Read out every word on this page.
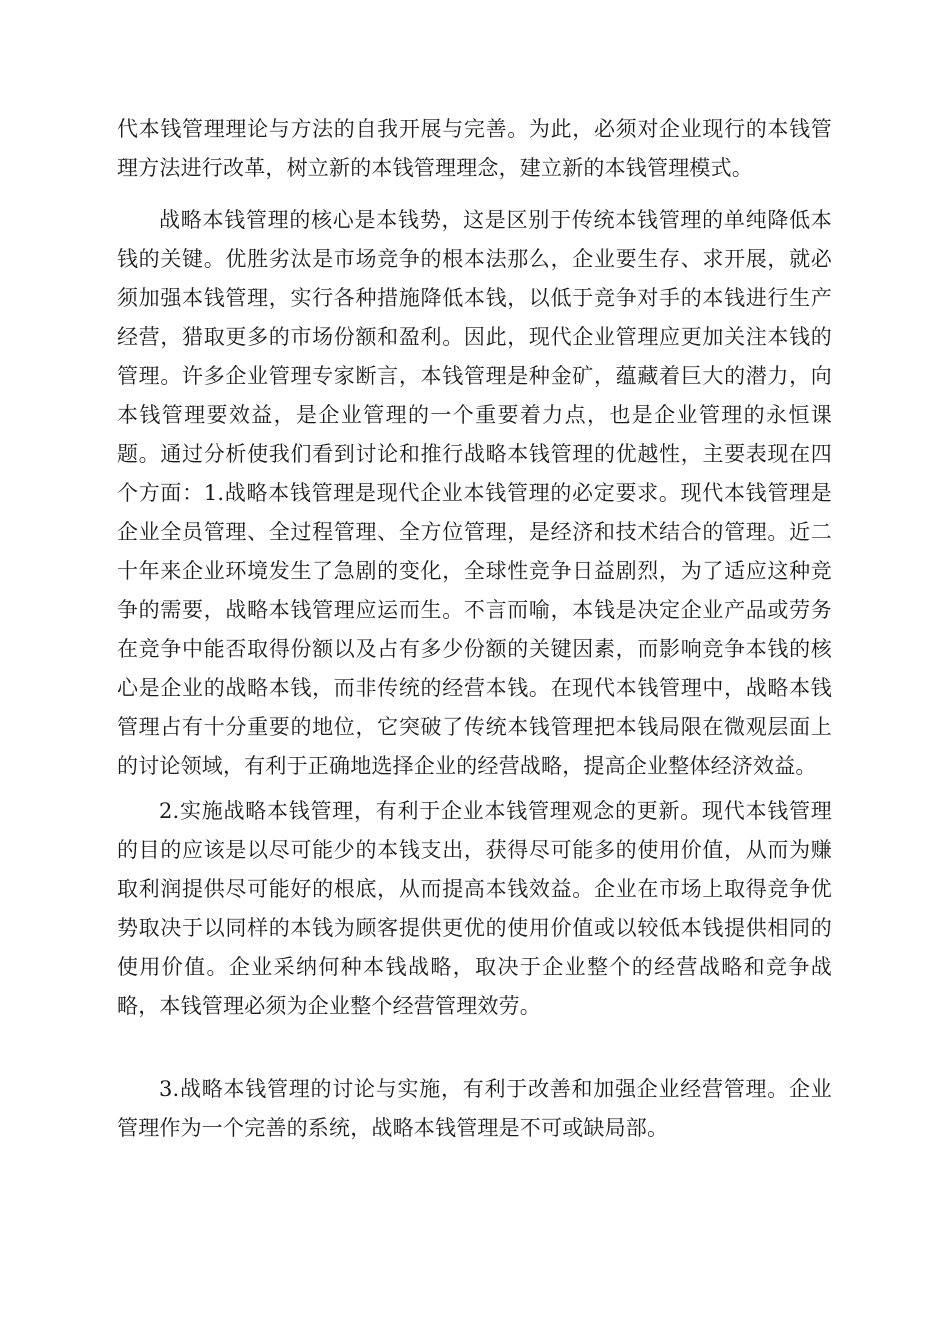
代本钱管理理论与方法的自我开展与完善。为此，必须对企业现行的本钱管理方法进行改革，树立新的本钱管理理念，建立新的本钱管理模式。

战略本钱管理的核心是本钱势，这是区别于传统本钱管理的单纯降低本钱的关键。优胜劣汰是市场竞争的根本法那么，企业要生存、求开展，就必须加强本钱管理，实行各种措施降低本钱，以低于竞争对手的本钱进行生产经营，猎取更多的市场份额和盈利。因此，现代企业管理应更加关注本钱的管理。许多企业管理专家断言，本钱管理是种金矿，蕴藏着巨大的潜力，向本钱管理要效益，是企业管理的一个重要着力点，也是企业管理的永恒课题。通过分析使我们看到讨论和推行战略本钱管理的优越性，主要表现在四个方面：1.战略本钱管理是现代企业本钱管理的必定要求。现代本钱管理是企业全员管理、全过程管理、全方位管理，是经济和技术结合的管理。近二十年来企业环境发生了急剧的变化，全球性竞争日益剧烈，为了适应这种竞争的需要，战略本钱管理应运而生。不言而喻，本钱是决定企业产品或劳务在竞争中能否取得份额以及占有多少份额的关键因素，而影响竞争本钱的核心是企业的战略本钱，而非传统的经营本钱。在现代本钱管理中，战略本钱管理占有十分重要的地位，它突破了传统本钱管理把本钱局限在微观层面上的讨论领域，有利于正确地选择企业的经营战略，提高企业整体经济效益。

2.实施战略本钱管理，有利于企业本钱管理观念的更新。现代本钱管理的目的应该是以尽可能少的本钱支出，获得尽可能多的使用价值，从而为赚取利润提供尽可能好的根底，从而提高本钱效益。企业在市场上取得竞争优势取决于以同样的本钱为顾客提供更优的使用价值或以较低本钱提供相同的使用价值。企业采纳何种本钱战略，取决于企业整个的经营战略和竞争战略，本钱管理必须为企业整个经营管理效劳。

3.战略本钱管理的讨论与实施，有利于改善和加强企业经营管理。企业管理作为一个完善的系统，战略本钱管理是不可或缺局部。
